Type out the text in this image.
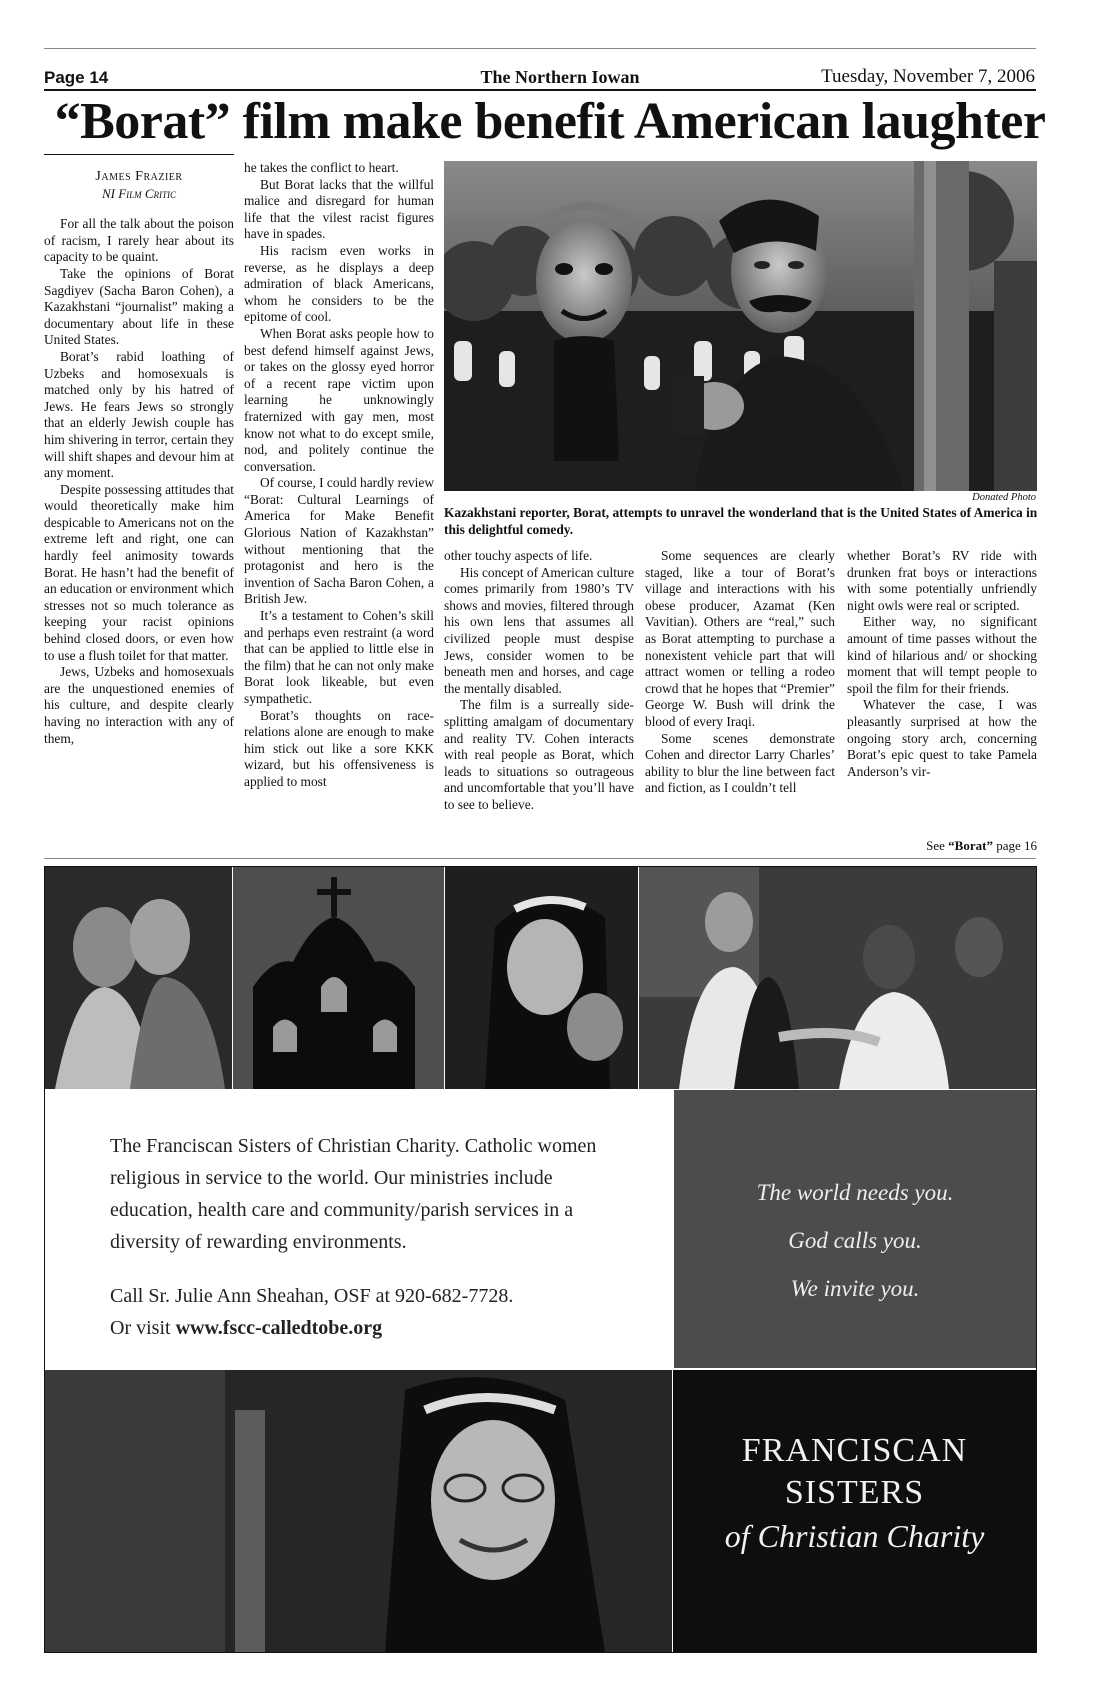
Page 14	The Northern Iowan	Tuesday, November 7, 2006
“Borat” film make benefit American laughter
James Frazier
NI Film Critic

For all the talk about the poison of racism, I rarely hear about its capacity to be quaint.

Take the opinions of Borat Sagdiyev (Sacha Baron Cohen), a Kazakhstani “journalist” making a documentary about life in these United States.

Borat’s rabid loathing of Uzbeks and homosexuals is matched only by his hatred of Jews. He fears Jews so strongly that an elderly Jewish couple has him shivering in terror, certain they will shift shapes and devour him at any moment.

Despite possessing attitudes that would theoretically make him despicable to Americans not on the extreme left and right, one can hardly feel animosity towards Borat. He hasn’t had the benefit of an education or environment which stresses not so much tolerance as keeping your racist opinions behind closed doors, or even how to use a flush toilet for that matter.

Jews, Uzbeks and homosexuals are the unquestioned enemies of his culture, and despite clearly having no interaction with any of them,

he takes the conflict to heart.

But Borat lacks that the willful malice and disregard for human life that the vilest racist figures have in spades.

His racism even works in reverse, as he displays a deep admiration of black Americans, whom he considers to be the epitome of cool.

When Borat asks people how to best defend himself against Jews, or takes on the glossy eyed horror of a recent rape victim upon learning he unknowingly fraternized with gay men, most know not what to do except smile, nod, and politely continue the conversation.

Of course, I could hardly review “Borat: Cultural Learnings of America for Make Benefit Glorious Nation of Kazakhstan” without mentioning that the protagonist and hero is the invention of Sacha Baron Cohen, a British Jew.

It’s a testament to Cohen’s skill and perhaps even restraint (a word that can be applied to little else in the film) that he can not only make Borat look likeable, but even sympathetic.

Borat’s thoughts on race-relations alone are enough to make him stick out like a sore KKK wizard, but his offensiveness is applied to most

Donated Photo
Kazakhstani reporter, Borat, attempts to unravel the wonderland that is the United States of America in this delightful comedy.

other touchy aspects of life.

His concept of American culture comes primarily from 1980’s TV shows and movies, filtered through his own lens that assumes all civilized people must despise Jews, consider women to be beneath men and horses, and cage the mentally disabled.

The film is a surreally side-splitting amalgam of documentary and reality TV. Cohen interacts with real people as Borat, which leads to situations so outrageous and uncomfortable that you’ll have to see to believe.

Some sequences are clearly staged, like a tour of Borat’s village and interactions with his obese producer, Azamat (Ken Vavitian). Others are “real,” such as Borat attempting to purchase a nonexistent vehicle part that will attract women or telling a rodeo crowd that he hopes that “Premier” George W. Bush will drink the blood of every Iraqi.

Some scenes demonstrate Cohen and director Larry Charles’ ability to blur the line between fact and fiction, as I couldn’t tell

whether Borat’s RV ride with drunken frat boys or interactions with some potentially unfriendly night owls were real or scripted.

Either way, no significant amount of time passes without the kind of hilarious and/ or shocking moment that will tempt people to spoil the film for their friends.

Whatever the case, I was pleasantly surprised at how the ongoing story arch, concerning Borat’s epic quest to take Pamela Anderson’s vir-

See “Borat” page 16
The Franciscan Sisters of Christian Charity. Catholic women religious in service to the world. Our ministries include education, health care and community/parish services in a diversity of rewarding environments.
Call Sr. Julie Ann Sheahan, OSF at 920-682-7728.
Or visit www.fscc-calledtobe.org
The world needs you.
God calls you.
We invite you.
FRANCISCAN
SISTERS
of Christian Charity
